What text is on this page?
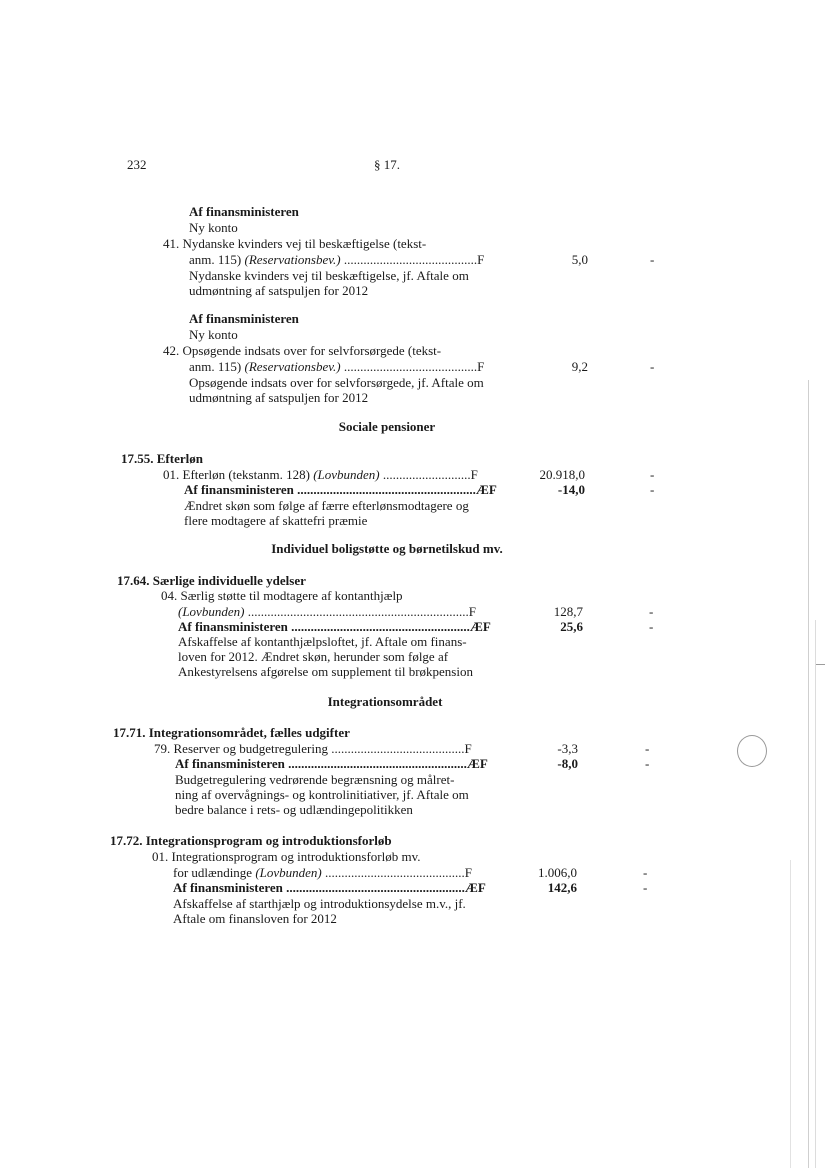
232	§ 17.
Af finansministeren
Ny konto
41. Nydanske kvinders vej til beskæftigelse (tekst-
anm. 115) (Reservationsbev.) .........................................F	5,0	-
Nydanske kvinders vej til beskæftigelse, jf. Aftale om
udmøntning af satspuljen for 2012
Af finansministeren
Ny konto
42. Opsøgende indsats over for selvforsørgede (tekst-
anm. 115) (Reservationsbev.) .........................................F	9,2	-
Opsøgende indsats over for selvforsørgede, jf. Aftale om
udmøntning af satspuljen for 2012
Sociale pensioner
17.55. Efterløn
01. Efterløn (tekstanm. 128) (Lovbunden) ...........................F	20.918,0	-
Af finansministeren .......................................................ÆF	-14,0	-
Ændret skøn som følge af færre efterlønsmodtagere og
flere modtagere af skattefri præmie
Individuel boligstøtte og børnetilskud mv.
17.64. Særlige individuelle ydelser
04. Særlig støtte til modtagere af kontanthjælp
(Lovbunden) ....................................................................F	128,7	-
Af finansministeren .......................................................ÆF	25,6	-
Afskaffelse af kontanthjælpsloftet, jf. Aftale om finans-
loven for 2012. Ændret skøn, herunder som følge af
Ankestyrelsens afgørelse om supplement til brøkpension
Integrationsområdet
17.71. Integrationsområdet, fælles udgifter
79. Reserver og budgetregulering .........................................F	-3,3	-
Af finansministeren .......................................................ÆF	-8,0	-
Budgetregulering vedrørende begrænsning og målret-
ning af overvågnings- og kontrolinitiativer, jf. Aftale om
bedre balance i rets- og udlændingepolitikken
17.72. Integrationsprogram og introduktionsforløb
01. Integrationsprogram og introduktionsforløb mv.
for udlændinge (Lovbunden) ...........................................F	1.006,0	-
Af finansministeren .......................................................ÆF	142,6	-
Afskaffelse af starthjælp og introduktionsydelse m.v., jf.
Aftale om finansloven for 2012
